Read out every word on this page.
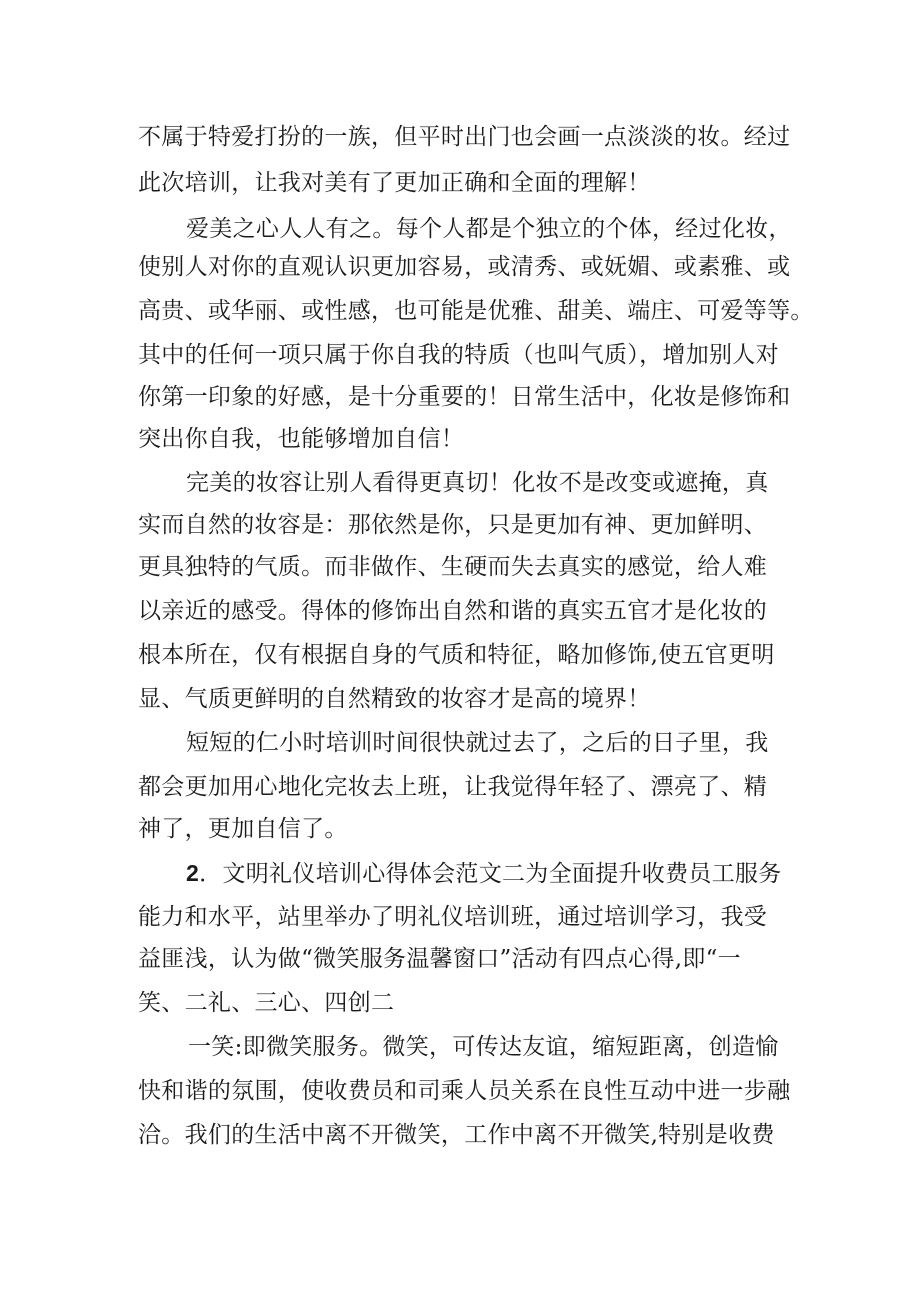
不属于特爱打扮的一族，但平时出门也会画一点淡淡的妆。经过
此次培训，让我对美有了更加正确和全面的理解！
爱美之心人人有之。每个人都是个独立的个体，经过化妆，
使别人对你的直观认识更加容易，或清秀、或妩媚、或素雅、或
高贵、或华丽、或性感，也可能是优雅、甜美、端庄、可爱等等。
其中的任何一项只属于你自我的特质（也叫气质），增加别人对
你第一印象的好感，是十分重要的！日常生活中，化妆是修饰和
突出你自我，也能够增加自信！
完美的妆容让别人看得更真切！化妆不是改变或遮掩，真
实而自然的妆容是：那依然是你，只是更加有神、更加鲜明、
更具独特的气质。而非做作、生硬而失去真实的感觉，给人难
以亲近的感受。得体的修饰出自然和谐的真实五官才是化妆的
根本所在，仅有根据自身的气质和特征，略加修饰,使五官更明
显、气质更鲜明的自然精致的妆容才是高的境界！
短短的仁小时培训时间很快就过去了，之后的日子里，我
都会更加用心地化完妆去上班，让我觉得年轻了、漂亮了、精
神了，更加自信了。
2．文明礼仪培训心得体会范文二为全面提升收费员工服务
能力和水平，站里举办了明礼仪培训班，通过培训学习，我受
益匪浅，认为做“微笑服务温馨窗口”活动有四点心得,即“一
笑、二礼、三心、四创二
一笑:即微笑服务。微笑，可传达友谊，缩短距离，创造愉
快和谐的氛围，使收费员和司乘人员关系在良性互动中进一步融
洽。我们的生活中离不开微笑，工作中离不开微笑,特别是收费
